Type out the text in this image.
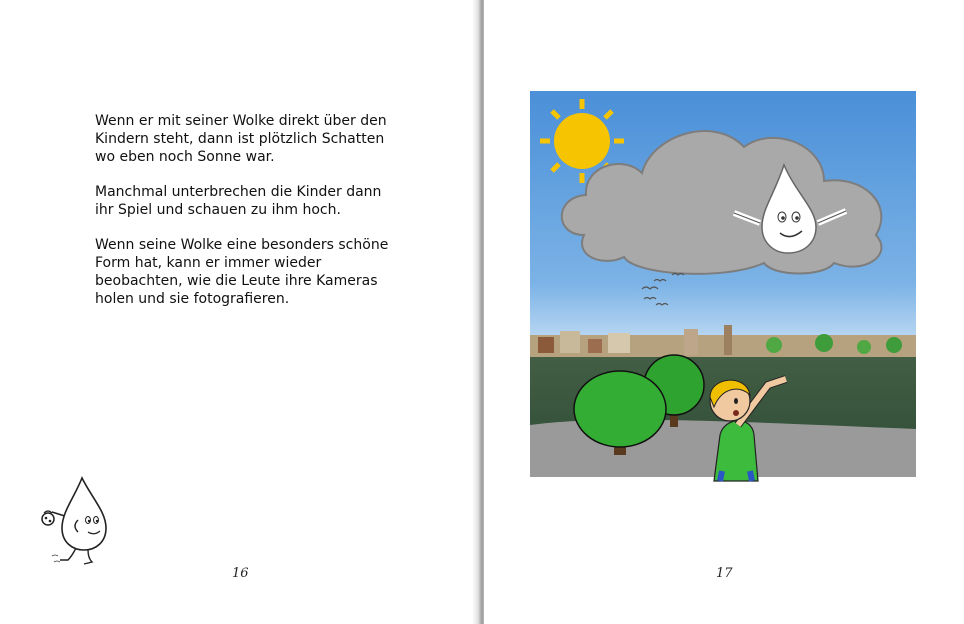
Wenn er mit seiner Wolke direkt über den
Kindern steht, dann ist plötzlich Schatten
wo eben noch Sonne war.

Manchmal unterbrechen die Kinder dann
ihr Spiel und schauen zu ihm hoch.

Wenn seine Wolke eine besonders schöne
Form hat, kann er immer wieder
beobachten, wie die Leute ihre Kameras
holen und sie fotografieren.

16	17
